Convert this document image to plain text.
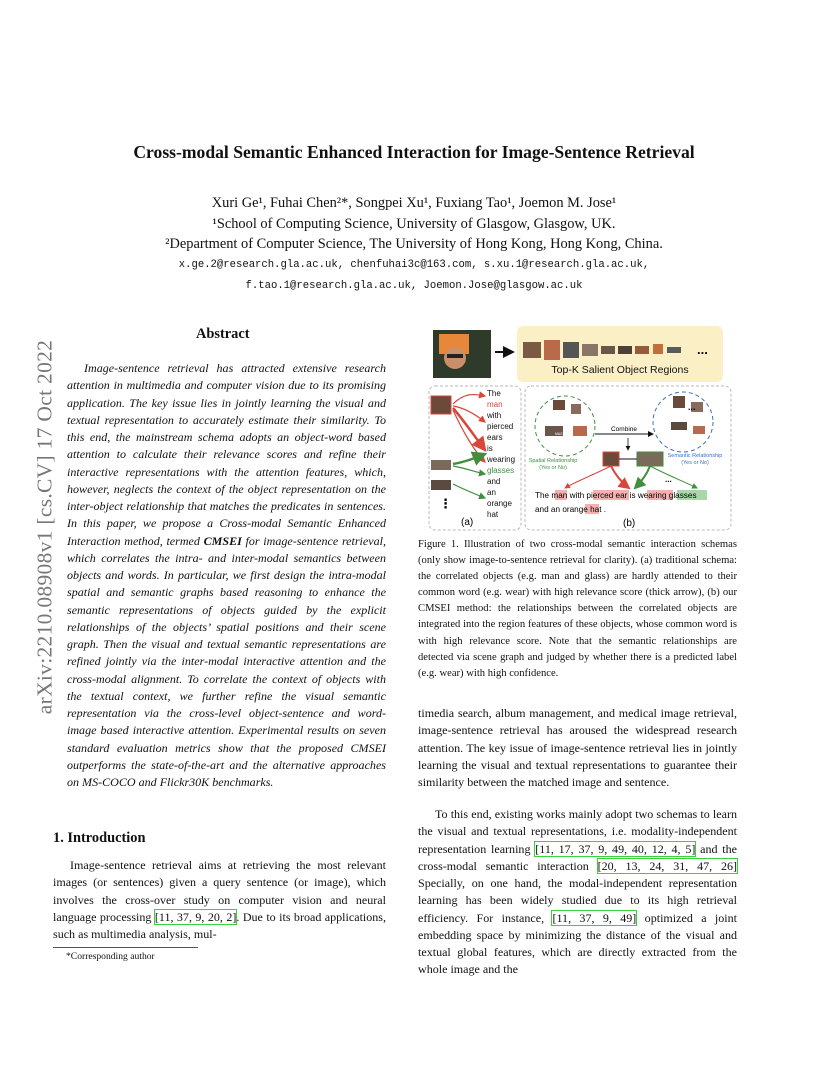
arXiv:2210.08908v1 [cs.CV] 17 Oct 2022
Cross-modal Semantic Enhanced Interaction for Image-Sentence Retrieval
Xuri Ge¹, Fuhai Chen²*, Songpei Xu¹, Fuxiang Tao¹, Joemon M. Jose¹
¹School of Computing Science, University of Glasgow, Glasgow, UK.
²Department of Computer Science, The University of Hong Kong, Hong Kong, China.
x.ge.2@research.gla.ac.uk, chenfuhai3c@163.com, s.xu.1@research.gla.ac.uk,
f.tao.1@research.gla.ac.uk, Joemon.Jose@glasgow.ac.uk
Abstract

Image-sentence retrieval has attracted extensive research attention in multimedia and computer vision due to its promising application. The key issue lies in jointly learning the visual and textual representation to accurately estimate their similarity. To this end, the mainstream schema adopts an object-word based attention to calculate their relevance scores and refine their interactive representations with the attention features, which, however, neglects the context of the object representation on the inter-object relationship that matches the predicates in sentences. In this paper, we propose a Cross-modal Semantic Enhanced Interaction method, termed CMSEI for image-sentence retrieval, which correlates the intra- and inter-modal semantics between objects and words. In particular, we first design the intra-modal spatial and semantic graphs based reasoning to enhance the semantic representations of objects guided by the explicit relationships of the objects’ spatial positions and their scene graph. Then the visual and textual semantic representations are refined jointly via the inter-modal interactive attention and the cross-modal alignment. To correlate the context of objects with the textual context, we further refine the visual semantic representation via the cross-level object-sentence and word-image based interactive attention. Experimental results on seven standard evaluation metrics show that the proposed CMSEI outperforms the state-of-the-art and the alternative approaches on MS-COCO and Flickr30K benchmarks.

1. Introduction

Image-sentence retrieval aims at retrieving the most relevant images (or sentences) given a query sentence (or image), which involves the cross-over study on computer vision and neural language processing [11, 37, 9, 20, 2]. Due to its broad applications, such as multimedia analysis, mul-

*Corresponding author
...
Top-K Salient Object Regions
⋮
The
man
with
pierced
ears
is
wearing
glasses
and
an
orange
hat
(a)
MAS
BUT
...
Combine
Spatial Relationship
(Yes or No)
Semantic Relationship
(Yes or No)
...
The man with pierced ear is wearing glasses
and an orange hat .
(b)
Figure 1. Illustration of two cross-modal semantic interaction schemas (only show image-to-sentence retrieval for clarity). (a) traditional schema: the correlated objects (e.g. man and glass) are hardly attended to their common word (e.g. wear) with high relevance score (thick arrow), (b) our CMSEI method: the relationships between the correlated objects are integrated into the region features of these objects, whose common word is with high relevance score. Note that the semantic relationships are detected via scene graph and judged by whether there is a predicted label (e.g. wear) with high confidence.

timedia search, album management, and medical image retrieval, image-sentence retrieval has aroused the widespread research attention. The key issue of image-sentence retrieval lies in jointly learning the visual and textual representations to guarantee their similarity between the matched image and sentence.

To this end, existing works mainly adopt two schemas to learn the visual and textual representations, i.e. modality-independent representation learning [11, 17, 37, 9, 49, 40, 12, 4, 5] and the cross-modal semantic interaction [20, 13, 24, 31, 47, 26] Specially, on one hand, the modal-independent representation learning has been widely studied due to its high retrieval efficiency. For instance, [11, 37, 9, 49] optimized a joint embedding space by minimizing the distance of the visual and textual global features, which are directly extracted from the whole image and the
